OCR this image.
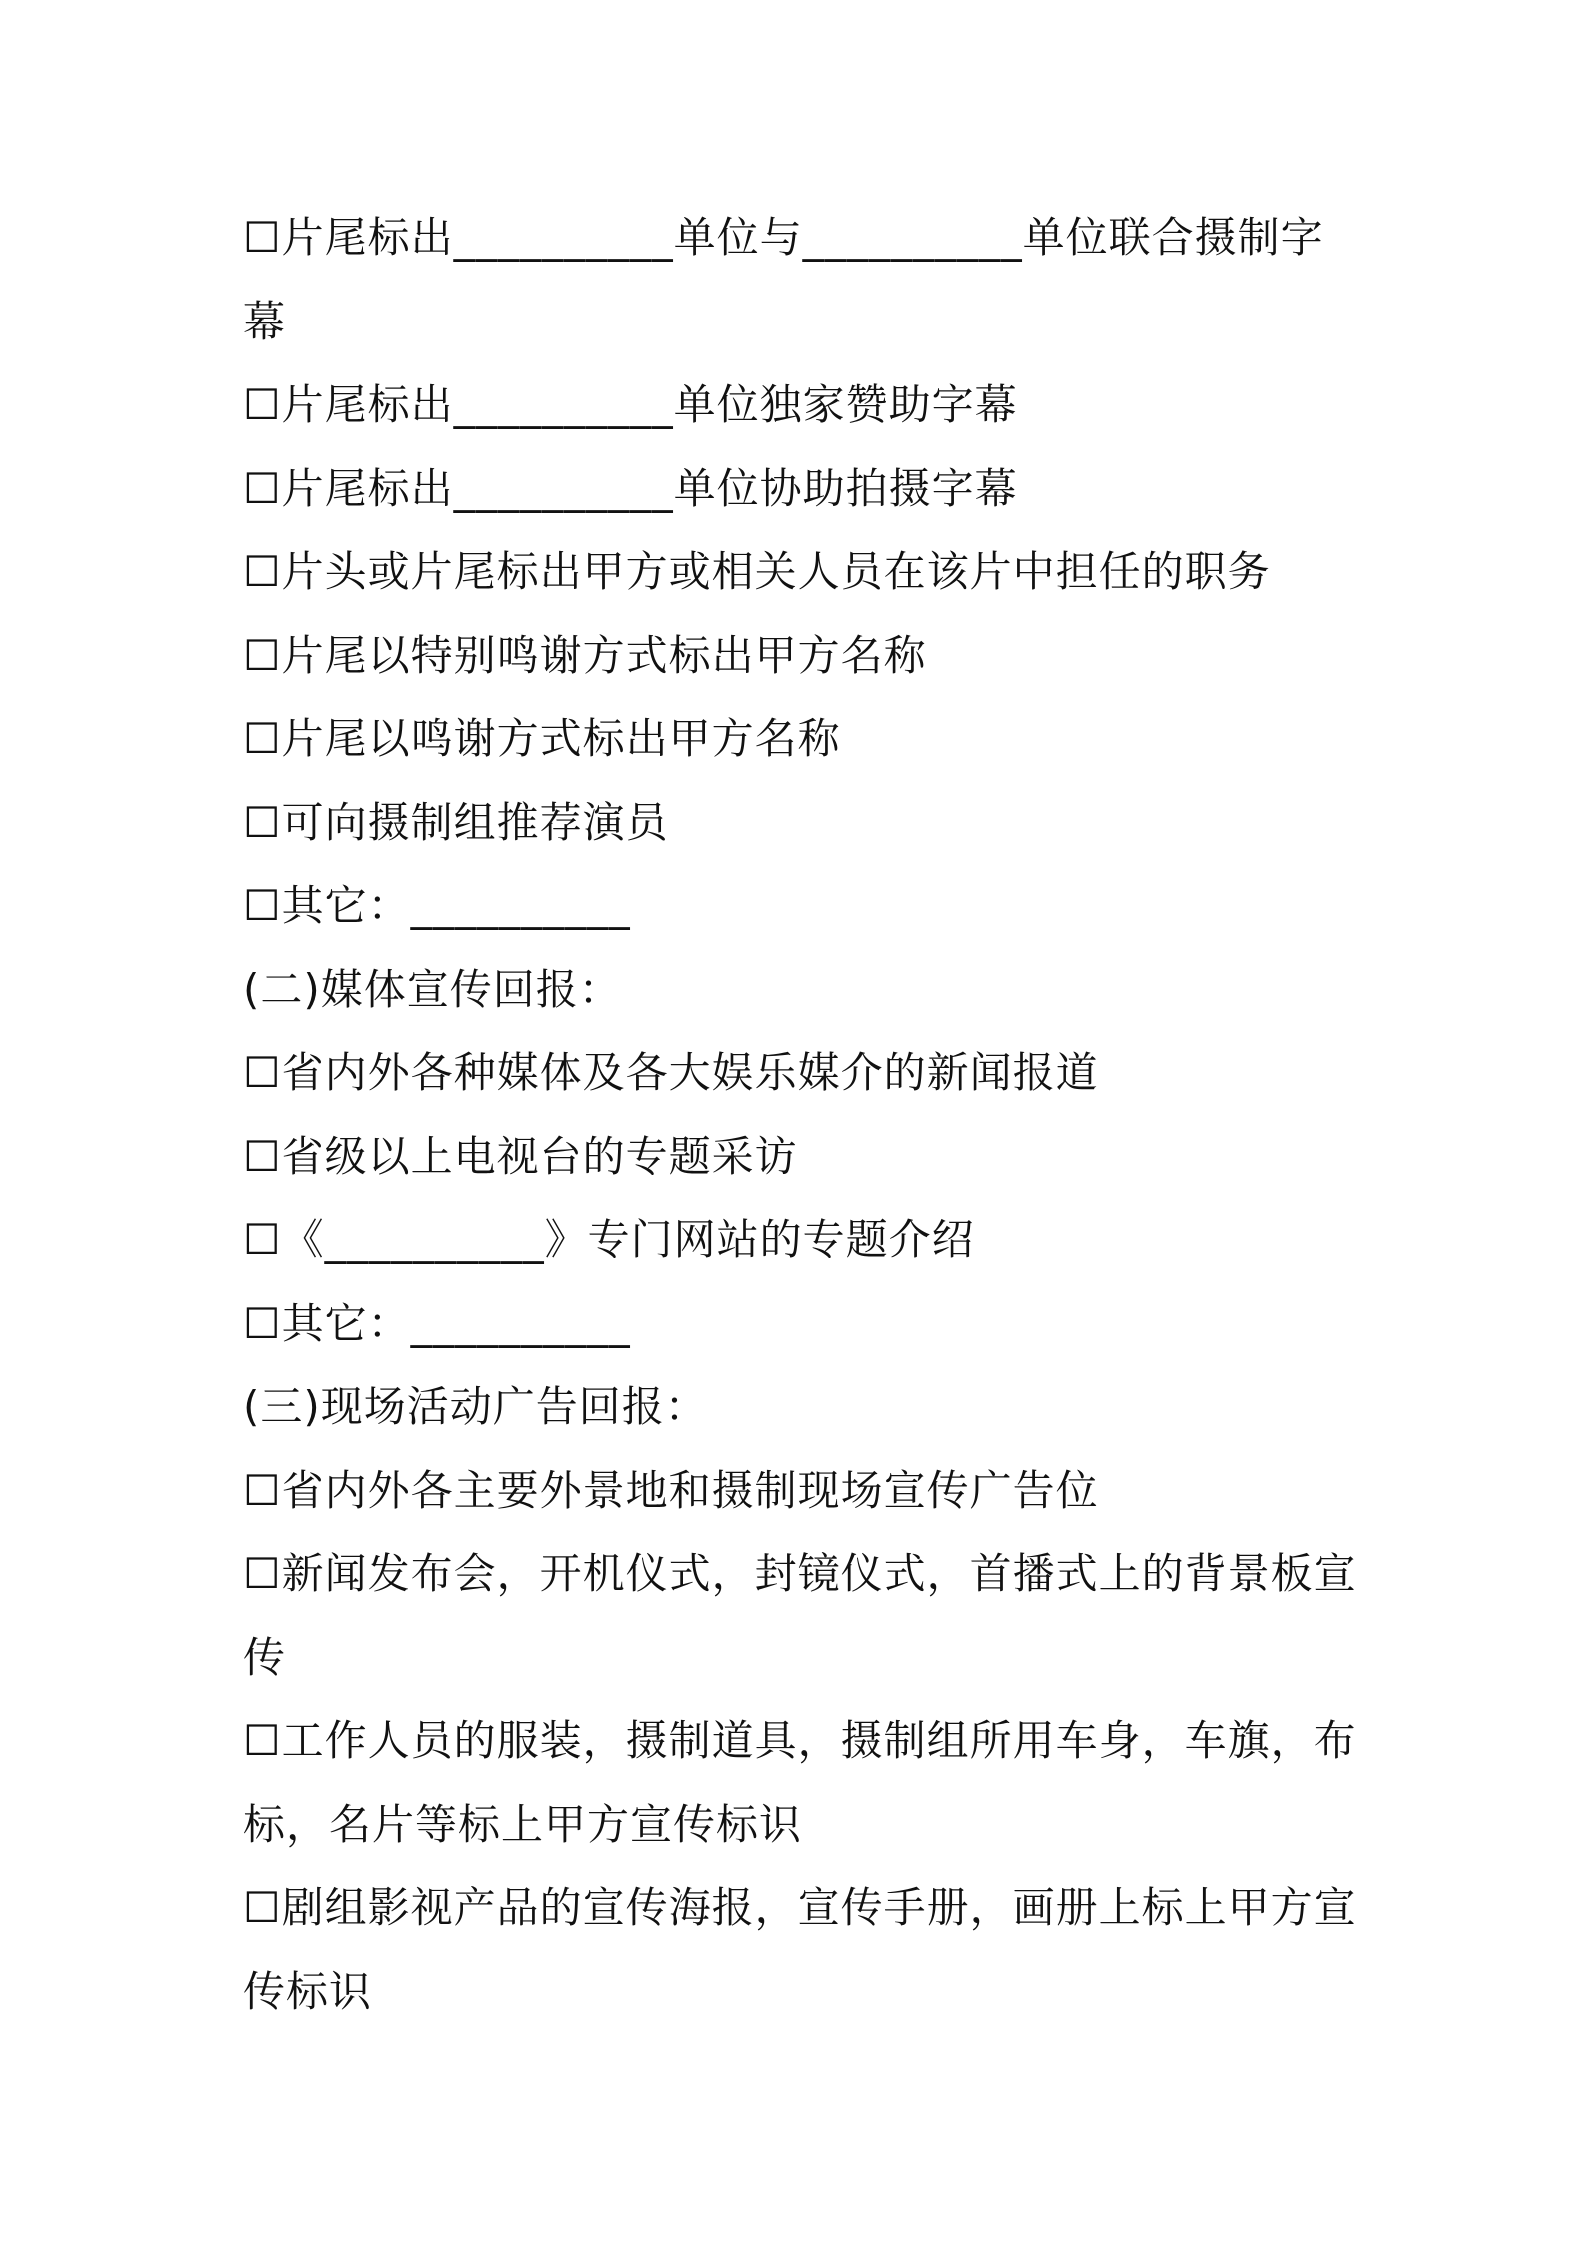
☐片尾标出__________单位与__________单位联合摄制字
幕
☐片尾标出__________单位独家赞助字幕
☐片尾标出__________单位协助拍摄字幕
☐片头或片尾标出甲方或相关人员在该片中担任的职务
☐片尾以特别鸣谢方式标出甲方名称
☐片尾以鸣谢方式标出甲方名称
☐可向摄制组推荐演员
☐其它：__________
(二)媒体宣传回报：
☐省内外各种媒体及各大娱乐媒介的新闻报道
☐省级以上电视台的专题采访
☐《__________》专门网站的专题介绍
☐其它：__________
(三)现场活动广告回报：
☐省内外各主要外景地和摄制现场宣传广告位
☐新闻发布会，开机仪式，封镜仪式，首播式上的背景板宣
传
☐工作人员的服装，摄制道具，摄制组所用车身，车旗，布
标，名片等标上甲方宣传标识
☐剧组影视产品的宣传海报，宣传手册，画册上标上甲方宣
传标识
